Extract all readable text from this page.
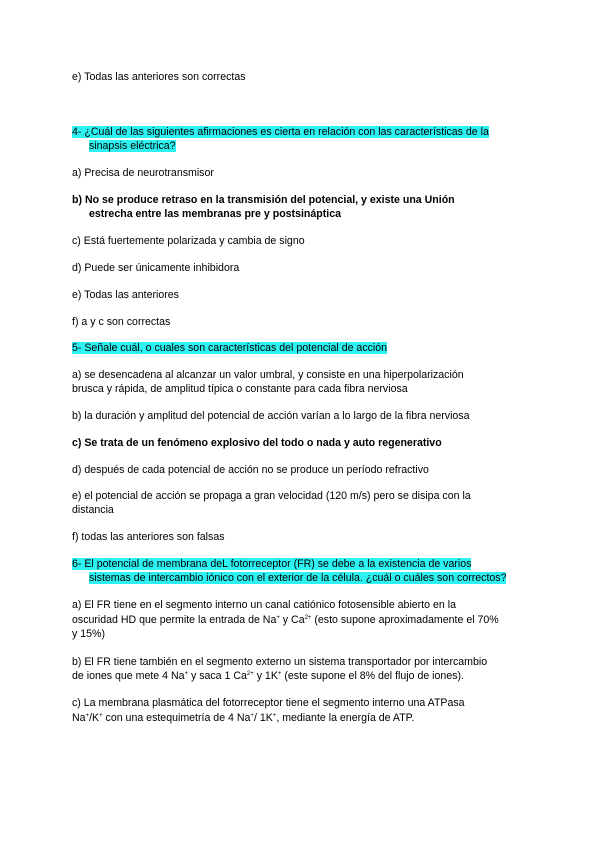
e) Todas las anteriores son correctas
4- ¿Cuál de las siguientes afirmaciones es cierta en relación con las características de la
sinapsis eléctrica?
a) Precisa de neurotransmisor
b) No se produce retraso en la transmisión del potencial, y existe una Unión
estrecha entre las membranas pre y postsináptica
c) Está fuertemente polarizada y cambia de signo
d) Puede ser únicamente inhibidora
e) Todas las anteriores
f) a y c son correctas
5- Señale cuál, o cuales son características del potencial de acción
a) se desencadena al alcanzar un valor umbral, y consiste en una hiperpolarización
brusca y rápida, de amplitud típica o constante para cada fibra nerviosa
b) la duración y amplitud del potencial de acción varían a lo largo de la fibra nerviosa
c) Se trata de un fenómeno explosivo del todo o nada y auto regenerativo
d) después de cada potencial de acción no se produce un período refractivo
e) el potencial de acción se propaga a gran velocidad (120 m/s) pero se disipa con la
distancia
f) todas las anteriores son falsas
6- El potencial de membrana deL fotorreceptor (FR) se debe a la existencia de varios
sistemas de intercambio iónico con el exterior de la célula. ¿cuál o cuáles son correctos?
a) El FR tiene en el segmento interno un canal catiónico fotosensible abierto en la
oscuridad HD que permite la entrada de Na+ y $Ca^{2+}$ (esto supone aproximadamente el 70%
y 15%)
b) El FR tiene también en el segmento externo un sistema transportador por intercambio
de iones que mete 4 Na+ y saca 1 $Ca^{2+}$ y 1K+ (este supone el 8% del flujo de iones).
c) La membrana plasmática del fotorreceptor tiene el segmento interno una ATPasa
Na+/K+ con una estequimetría de 4 Na+/ 1K+, mediante la energía de ATP.
